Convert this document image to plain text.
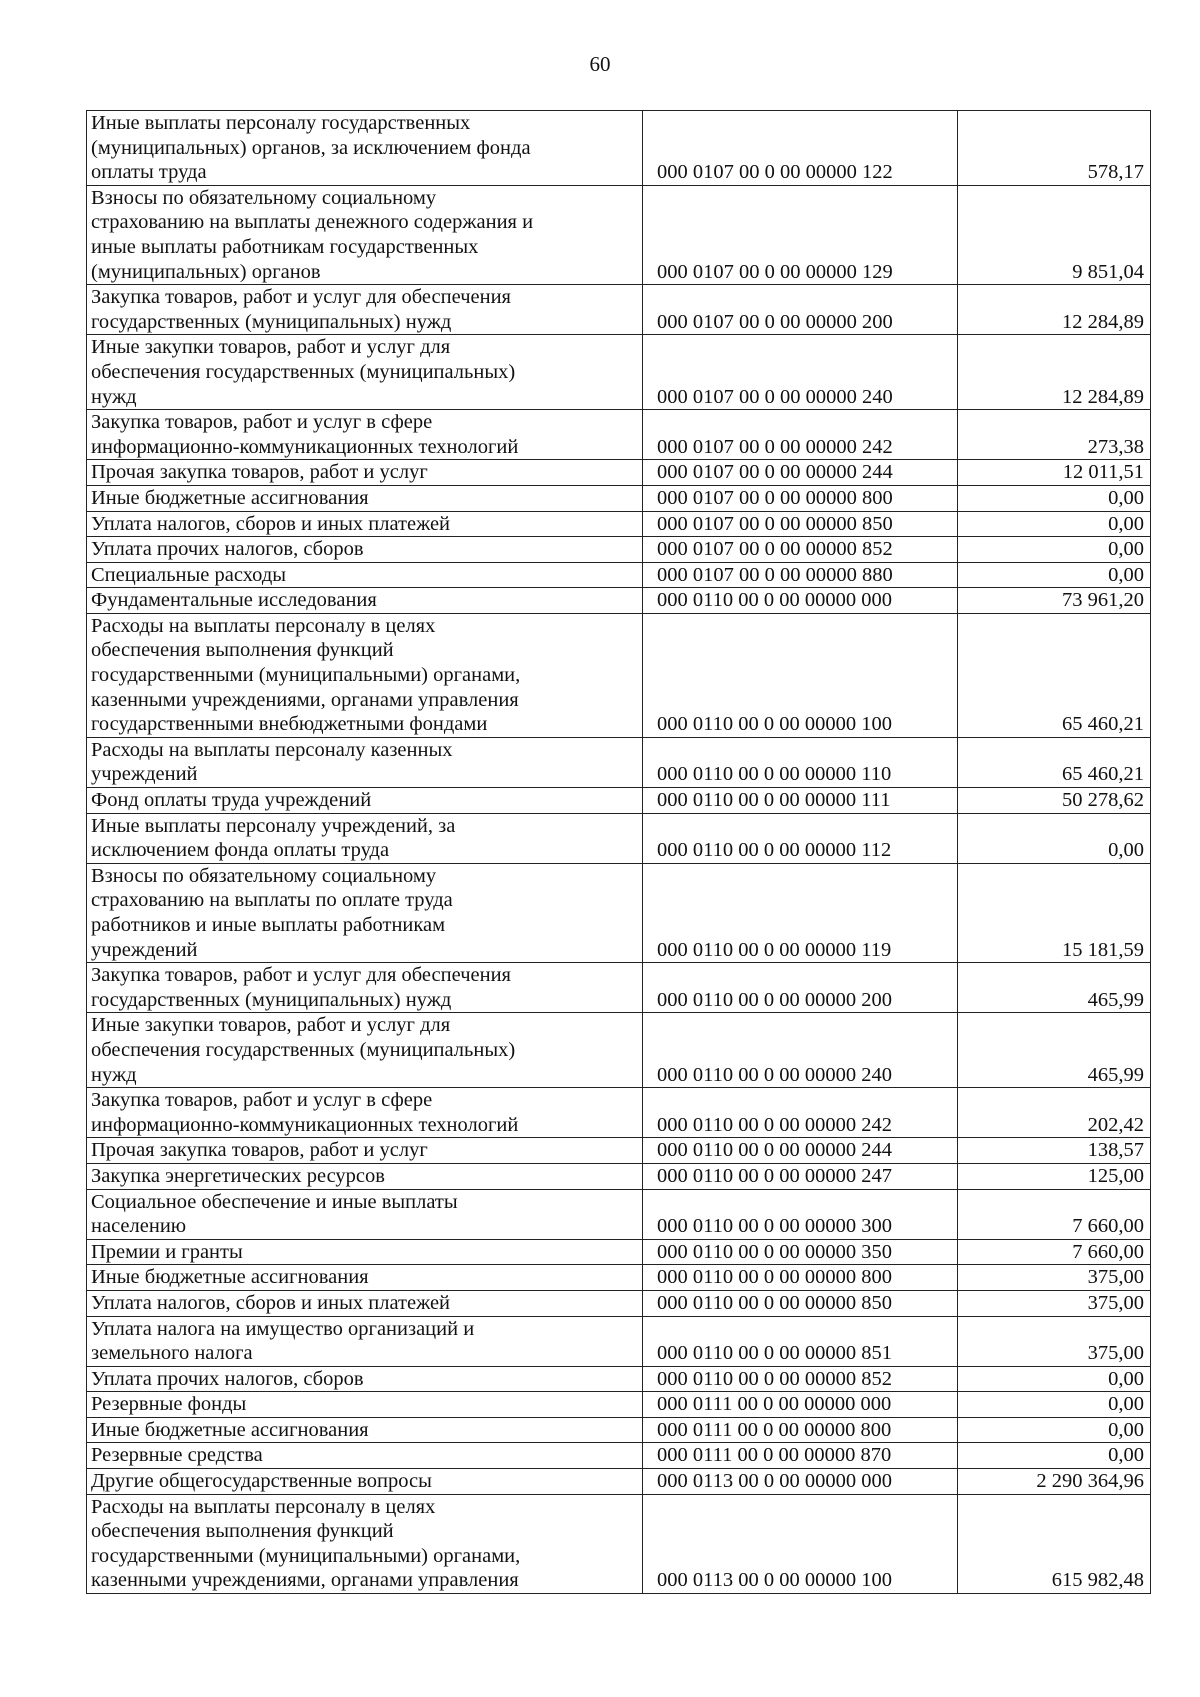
60
Иные выплаты персоналу государственных
(муниципальных) органов, за исключением фонда
оплаты труда	000 0107 00 0 00 00000 122	578,17
Взносы по обязательному социальному
страхованию на выплаты денежного содержания и
иные выплаты работникам государственных
(муниципальных) органов	000 0107 00 0 00 00000 129	9 851,04
Закупка товаров, работ и услуг для обеспечения
государственных (муниципальных) нужд	000 0107 00 0 00 00000 200	12 284,89
Иные закупки товаров, работ и услуг для
обеспечения государственных (муниципальных)
нужд	000 0107 00 0 00 00000 240	12 284,89
Закупка товаров, работ и услуг в сфере
информационно-коммуникационных технологий	000 0107 00 0 00 00000 242	273,38
Прочая закупка товаров, работ и услуг	000 0107 00 0 00 00000 244	12 011,51
Иные бюджетные ассигнования	000 0107 00 0 00 00000 800	0,00
Уплата налогов, сборов и иных платежей	000 0107 00 0 00 00000 850	0,00
Уплата прочих налогов, сборов	000 0107 00 0 00 00000 852	0,00
Специальные расходы	000 0107 00 0 00 00000 880	0,00
Фундаментальные исследования	000 0110 00 0 00 00000 000	73 961,20
Расходы на выплаты персоналу в целях
обеспечения выполнения функций
государственными (муниципальными) органами,
казенными учреждениями, органами управления
государственными внебюджетными фондами	000 0110 00 0 00 00000 100	65 460,21
Расходы на выплаты персоналу казенных
учреждений	000 0110 00 0 00 00000 110	65 460,21
Фонд оплаты труда учреждений	000 0110 00 0 00 00000 111	50 278,62
Иные выплаты персоналу учреждений, за
исключением фонда оплаты труда	000 0110 00 0 00 00000 112	0,00
Взносы по обязательному социальному
страхованию на выплаты по оплате труда
работников и иные выплаты работникам
учреждений	000 0110 00 0 00 00000 119	15 181,59
Закупка товаров, работ и услуг для обеспечения
государственных (муниципальных) нужд	000 0110 00 0 00 00000 200	465,99
Иные закупки товаров, работ и услуг для
обеспечения государственных (муниципальных)
нужд	000 0110 00 0 00 00000 240	465,99
Закупка товаров, работ и услуг в сфере
информационно-коммуникационных технологий	000 0110 00 0 00 00000 242	202,42
Прочая закупка товаров, работ и услуг	000 0110 00 0 00 00000 244	138,57
Закупка энергетических ресурсов	000 0110 00 0 00 00000 247	125,00
Социальное обеспечение и иные выплаты
населению	000 0110 00 0 00 00000 300	7 660,00
Премии и гранты	000 0110 00 0 00 00000 350	7 660,00
Иные бюджетные ассигнования	000 0110 00 0 00 00000 800	375,00
Уплата налогов, сборов и иных платежей	000 0110 00 0 00 00000 850	375,00
Уплата налога на имущество организаций и
земельного налога	000 0110 00 0 00 00000 851	375,00
Уплата прочих налогов, сборов	000 0110 00 0 00 00000 852	0,00
Резервные фонды	000 0111 00 0 00 00000 000	0,00
Иные бюджетные ассигнования	000 0111 00 0 00 00000 800	0,00
Резервные средства	000 0111 00 0 00 00000 870	0,00
Другие общегосударственные вопросы	000 0113 00 0 00 00000 000	2 290 364,96
Расходы на выплаты персоналу в целях
обеспечения выполнения функций
государственными (муниципальными) органами,
казенными учреждениями, органами управления	000 0113 00 0 00 00000 100	615 982,48
